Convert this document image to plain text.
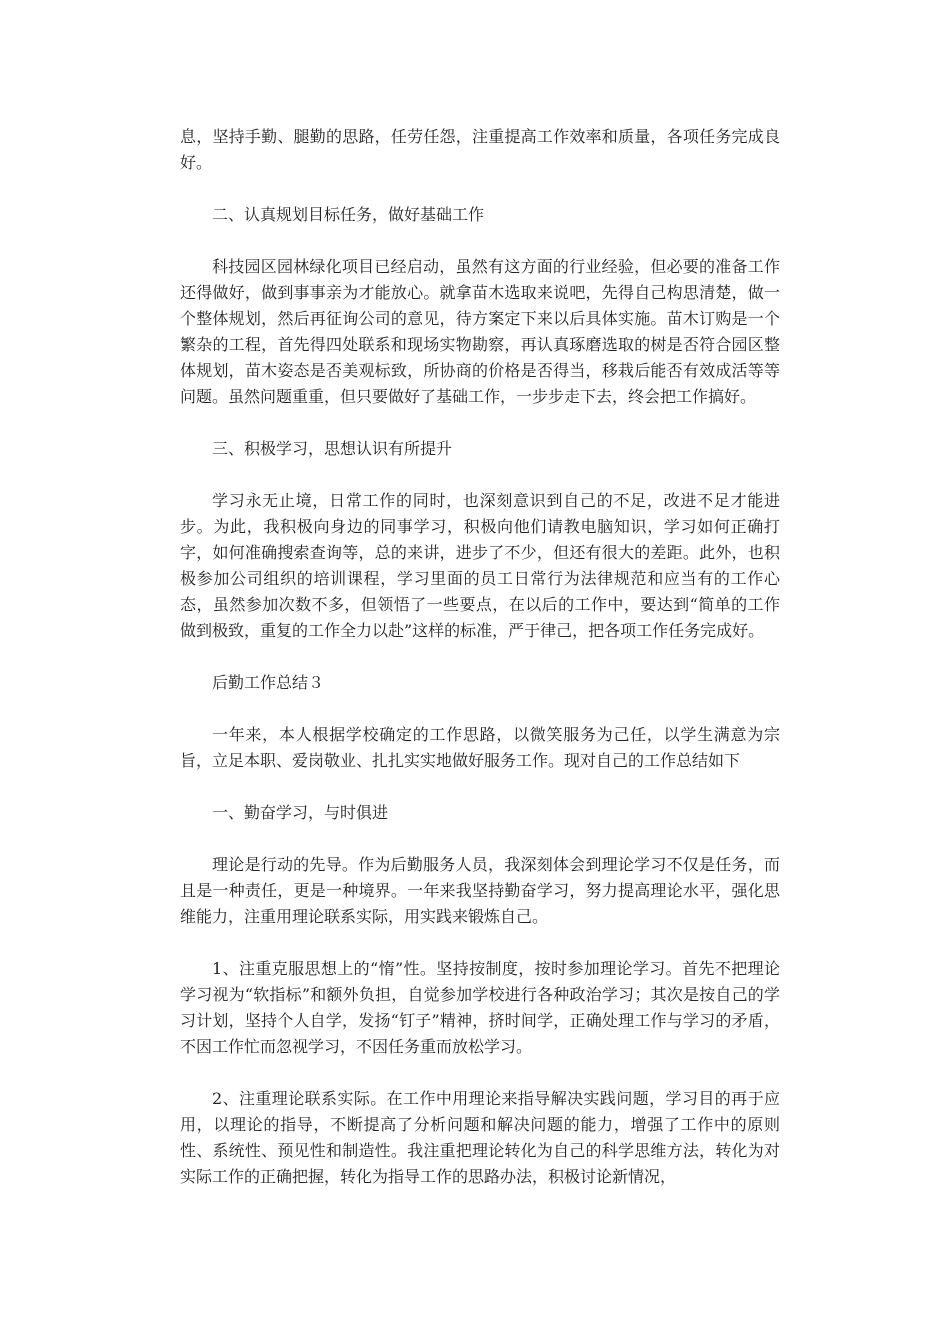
息，坚持手勤、腿勤的思路，任劳任怨，注重提高工作效率和质量，各项任务完成良好。

二、认真规划目标任务，做好基础工作

科技园区园林绿化项目已经启动，虽然有这方面的行业经验，但必要的准备工作还得做好，做到事事亲为才能放心。就拿苗木选取来说吧，先得自己构思清楚，做一个整体规划，然后再征询公司的意见，待方案定下来以后具体实施。苗木订购是一个繁杂的工程，首先得四处联系和现场实物勘察，再认真琢磨选取的树是否符合园区整体规划，苗木姿态是否美观标致，所协商的价格是否得当，移栽后能否有效成活等等问题。虽然问题重重，但只要做好了基础工作，一步步走下去，终会把工作搞好。

三、积极学习，思想认识有所提升

学习永无止境，日常工作的同时，也深刻意识到自己的不足，改进不足才能进步。为此，我积极向身边的同事学习，积极向他们请教电脑知识，学习如何正确打字，如何准确搜索查询等，总的来讲，进步了不少，但还有很大的差距。此外，也积极参加公司组织的培训课程，学习里面的员工日常行为法律规范和应当有的工作心态，虽然参加次数不多，但领悟了一些要点，在以后的工作中，要达到“简单的工作做到极致，重复的工作全力以赴”这样的标准，严于律己，把各项工作任务完成好。

后勤工作总结３

一年来，本人根据学校确定的工作思路，以微笑服务为己任，以学生满意为宗旨，立足本职、爱岗敬业、扎扎实实地做好服务工作。现对自己的工作总结如下

一、勤奋学习，与时俱进

理论是行动的先导。作为后勤服务人员，我深刻体会到理论学习不仅是任务，而且是一种责任，更是一种境界。一年来我坚持勤奋学习，努力提高理论水平，强化思维能力，注重用理论联系实际，用实践来锻炼自己。

1、注重克服思想上的“惰”性。坚持按制度，按时参加理论学习。首先不把理论学习视为“软指标”和额外负担，自觉参加学校进行各种政治学习；其次是按自己的学习计划，坚持个人自学，发扬“钉子”精神，挤时间学，正确处理工作与学习的矛盾，不因工作忙而忽视学习，不因任务重而放松学习。

2、注重理论联系实际。在工作中用理论来指导解决实践问题，学习目的再于应用，以理论的指导，不断提高了分析问题和解决问题的能力，增强了工作中的原则性、系统性、预见性和制造性。我注重把理论转化为自己的科学思维方法，转化为对实际工作的正确把握，转化为指导工作的思路办法，积极讨论新情况，
